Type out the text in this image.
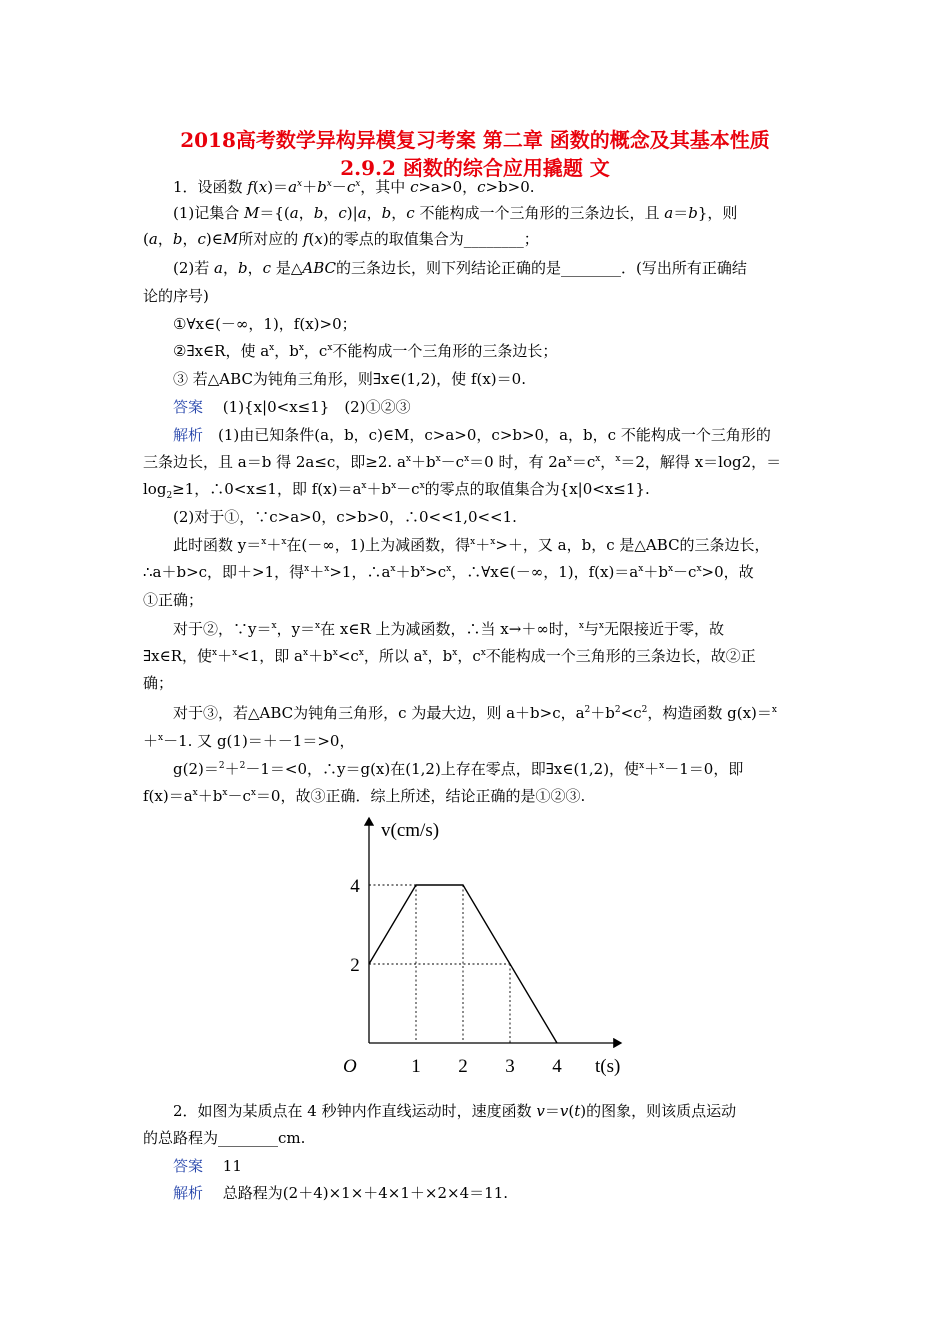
2018高考数学异构异模复习考案 第二章 函数的概念及其基本性质
2.9.2 函数的综合应用撬题 文
1．设函数 $f(x)=a^x+b^x-c^x$，其中 c>a>0，c>b>0.
(1)记集合 M＝{(a，b，c)|a，b，c 不能构成一个三角形的三条边长，且 a＝b}，则
(a，b，c)∈M所对应的 f(x)的零点的取值集合为________；
(2)若 a，b，c 是△ABC的三条边长，则下列结论正确的是________．(写出所有正确结
论的序号)
①∀x∈(－∞，1)，f(x)>0；
②∃x∈R，使 $a^x$，$b^x$，$c^x$不能构成一个三角形的三条边长；
③ 若△ABC为钝角三角形，则∃x∈(1,2)，使 f(x)＝0.
答案　 (1){x|0<x≤1}　(2)①②③
解析　 (1)由已知条件(a，b，c)∈M，c>a>0，c>b>0，a，b，c 不能构成一个三角形的
三条边长，且 a＝b 得 2a≤c，即≥2. $a^x+b^x-c^x=0$ 时，有 $2a^x=c^x$，$^x$＝2，解得 x＝log2，＝
$\log_2\ge 1$，∴0<x≤1，即 $f(x)=a^x+b^x-c^x$的零点的取值集合为{x|0<x≤1}.
(2)对于①，∵c>a>0，c>b>0，∴0<<1,0<<1.
此时函数 y＝$^x$＋$^x$在(－∞，1)上为减函数，得$^x$＋$^x$>＋，又 a，b，c 是△ABC的三条边长，
∴a＋b>c，即＋>1，得$^x$＋$^x$>1，$\therefore a^x+b^x>c^x$，∴∀x∈(－∞，1)，$f(x)=a^x+b^x-c^x>0$，故
①正确；
对于②，∵y＝$^x$，y＝$^x$在 x∈R 上为减函数，∴当 x→＋∞时，$^x$与$^x$无限接近于零，故
∃x∈R，使$^x$＋$^x$<1，即 $a^x+b^x<c^x$，所以 $a^x$，$b^x$，$c^x$不能构成一个三角形的三条边长，故②正
确；
对于③，若△ABC为钝角三角形，c 为最大边，则 a＋b>c，$a^2+b^2<c^2$，构造函数 g(x)＝$^x$
＋$^x$－1. 又 g(1)＝＋－1＝>0，
g(2)＝$^2$＋$^2$－1＝<0，∴y＝g(x)在(1,2)上存在零点，即∃x∈(1,2)，使$^x$＋$^x$－1＝0，即
$f(x)=a^x+b^x-c^x=0$，故③正确．综上所述，结论正确的是①②③.
1 2 3 4
2
4
v(cm/s)
t(s)
O
2．如图为某质点在 4 秒钟内作直线运动时，速度函数 v＝v(t)的图象，则该质点运动
的总路程为________cm.
答案　 11
解析　 总路程为(2＋4)×1×＋4×1＋×2×4＝11.
